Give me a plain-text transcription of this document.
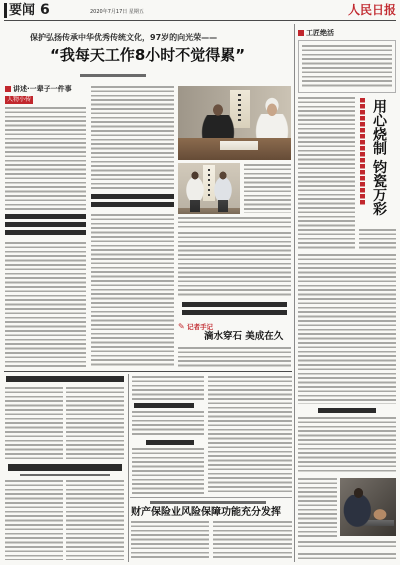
要闻 6	2020年7月17日 星期五	人民日报
保护弘扬传承中华优秀传统文化，97岁的向光荣——
“我每天工作8小时不觉得累”
讲述·一辈子一件事
人物小传
✎
记者手记
滴水穿石 美成在久
财产保险业风险保障功能充分发挥
工匠绝活
用心烧制 钧瓷万彩
